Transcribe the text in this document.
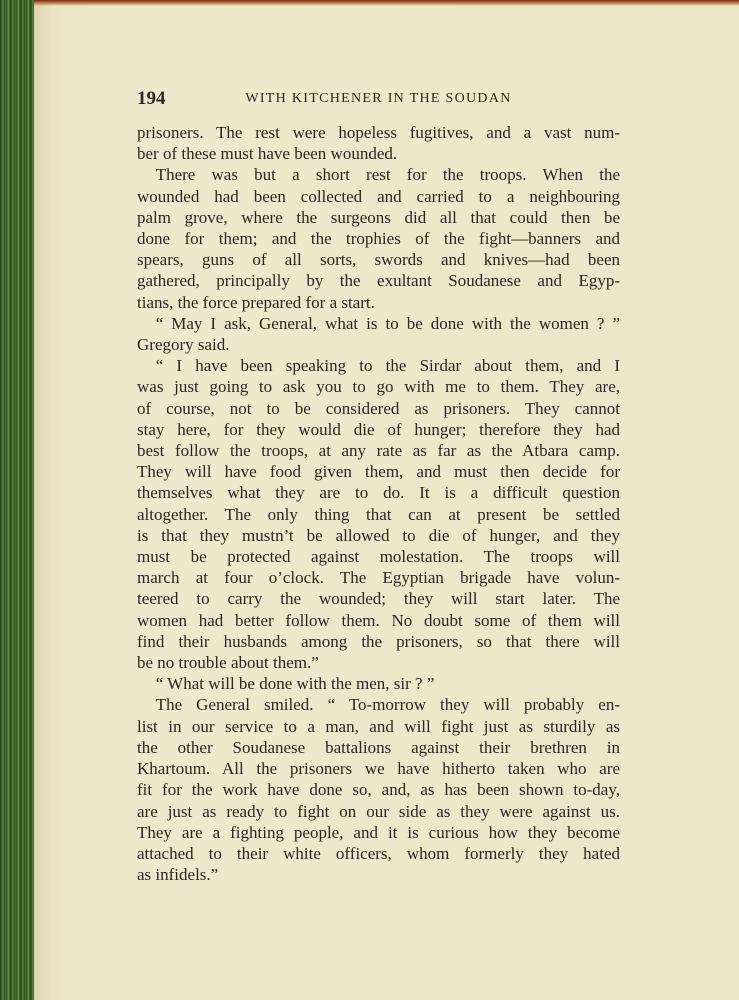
194	WITH KITCHENER IN THE SOUDAN

prisoners. The rest were hopeless fugitives, and a vast num-

ber of these must have been wounded.

There was but a short rest for the troops. When the

wounded had been collected and carried to a neighbouring
palm grove, where the surgeons did all that could then be
done for them; and the trophies of the fight—banners and
spears, guns of all sorts, swords and knives—had been
gathered, principally by the exultant Soudanese and Egyp-

tians, the force prepared for a start.

“ May I ask, General, what is to be done with the women ? ”

Gregory said.

“ I have been speaking to the Sirdar about them, and I

was just going to ask you to go with me to them. They are,
of course, not to be considered as prisoners. They cannot
stay here, for they would die of hunger; therefore they had
best follow the troops, at any rate as far as the Atbara camp.
They will have food given them, and must then decide for
themselves what they are to do. It is a difficult question
altogether. The only thing that can at present be settled
is that they mustn’t be allowed to die of hunger, and they
must be protected against molestation. The troops will
march at four o’clock. The Egyptian brigade have volun-
teered to carry the wounded; they will start later. The
women had better follow them. No doubt some of them will
find their husbands among the prisoners, so that there will

be no trouble about them.”

“ What will be done with the men, sir ? ”

The General smiled. “ To-morrow they will probably en-

list in our service to a man, and will fight just as sturdily as
the other Soudanese battalions against their brethren in
Khartoum. All the prisoners we have hitherto taken who are
fit for the work have done so, and, as has been shown to-day,
are just as ready to fight on our side as they were against us.
They are a fighting people, and it is curious how they become
attached to their white officers, whom formerly they hated

as infidels.”
